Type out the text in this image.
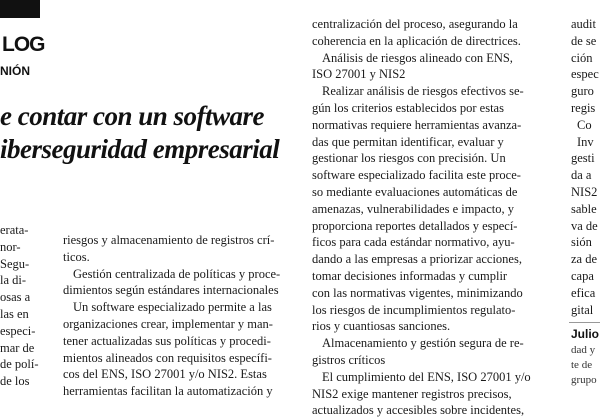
LOG
NIÓN
e contar con un software
iberseguridad empresarial
erata-
nor-
Segu-
la di-
osas a
las en
especi-
mar de
de polí-
de los
riesgos y almacenamiento de registros crí-
ticos.
Gestión centralizada de políticas y proce-
dimientos según estándares internacionales
Un software especializado permite a las
organizaciones crear, implementar y man-
tener actualizadas sus políticas y procedi-
mientos alineados con requisitos específi-
cos del ENS, ISO 27001 y/o NIS2. Estas
herramientas facilitan la automatización y
centralización del proceso, asegurando la
coherencia en la aplicación de directrices.
Análisis de riesgos alineado con ENS,
ISO 27001 y NIS2
Realizar análisis de riesgos efectivos se-
gún los criterios establecidos por estas
normativas requiere herramientas avanza-
das que permitan identificar, evaluar y
gestionar los riesgos con precisión. Un
software especializado facilita este proce-
so mediante evaluaciones automáticas de
amenazas, vulnerabilidades e impacto, y
proporciona reportes detallados y especí-
ficos para cada estándar normativo, ayu-
dando a las empresas a priorizar acciones,
tomar decisiones informadas y cumplir
con las normativas vigentes, minimizando
los riesgos de incumplimientos regulato-
rios y cuantiosas sanciones.
Almacenamiento y gestión segura de re-
gistros críticos
El cumplimiento del ENS, ISO 27001 y/o
NIS2 exige mantener registros precisos,
actualizados y accesibles sobre incidentes,
audit
de se
ción
espec
guro
regis
Co
Inv
gesti
da a
NIS2
sable
va de
sión
za de
capa
efica
gital
Julio
dad y
te de
grupo
